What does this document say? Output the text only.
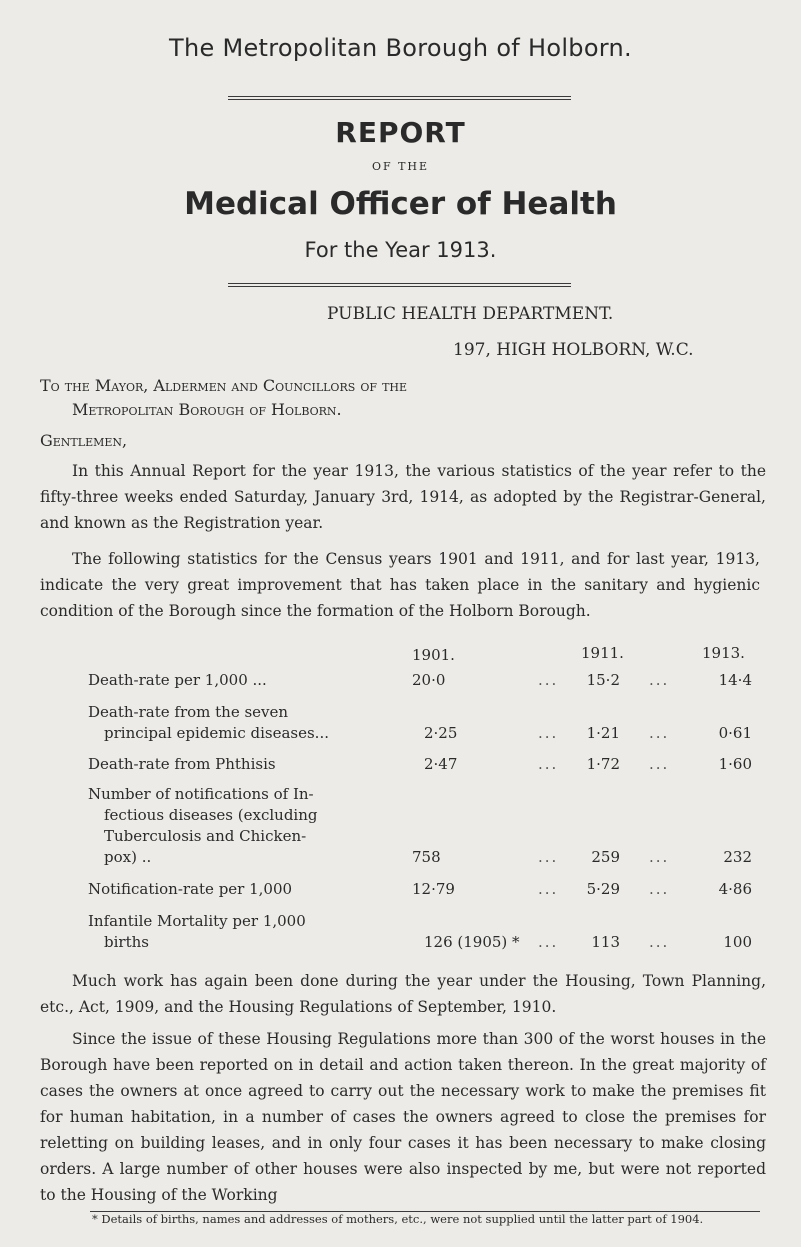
The Metropolitan Borough of Holborn.
REPORT
OF THE
Medical Officer of Health
For the Year 1913.
PUBLIC HEALTH DEPARTMENT.
197, HIGH HOLBORN, W.C.
To the Mayor, Aldermen and Councillors of the
Metropolitan Borough of Holborn.
Gentlemen,
In this Annual Report for the year 1913, the various statistics of the year refer to the fifty-three weeks ended Saturday, January 3rd, 1914, as adopted by the Registrar-General, and known as the Registration year.
The following statistics for the Census years 1901 and 1911, and for last year, 1913, indicate the very great improvement that has taken place in the sanitary and hygienic condition of the Borough since the formation of the Holborn Borough.
1901.	1911.	1913.
Death-rate per 1,000 ...	20·0	...	15·2 ...	14·4
Death-rate from the seven
principal epidemic diseases...	2·25	...	1·21 ...	0·61
Death-rate from Phthisis	2·47	...	1·72 ...	1·60
Number of notifications of In-
fectious diseases (excluding
Tuberculosis and Chicken-
pox) ..	758	...	259 ...	232
Notification-rate per 1,000	12·79	...	5·29 ...	4·86
Infantile Mortality per 1,000
births	126 (1905) * ...	113 ...	100
Much work has again been done during the year under the Housing, Town Planning, etc., Act, 1909, and the Housing Regulations of September, 1910.
Since the issue of these Housing Regulations more than 300 of the worst houses in the Borough have been reported on in detail and action taken thereon. In the great majority of cases the owners at once agreed to carry out the necessary work to make the premises fit for human habitation, in a number of cases the owners agreed to close the premises for reletting on building leases, and in only four cases it has been necessary to make closing orders. A large number of other houses were also inspected by me, but were not reported to the Housing of the Working
* Details of births, names and addresses of mothers, etc., were not supplied until the latter part of 1904.
